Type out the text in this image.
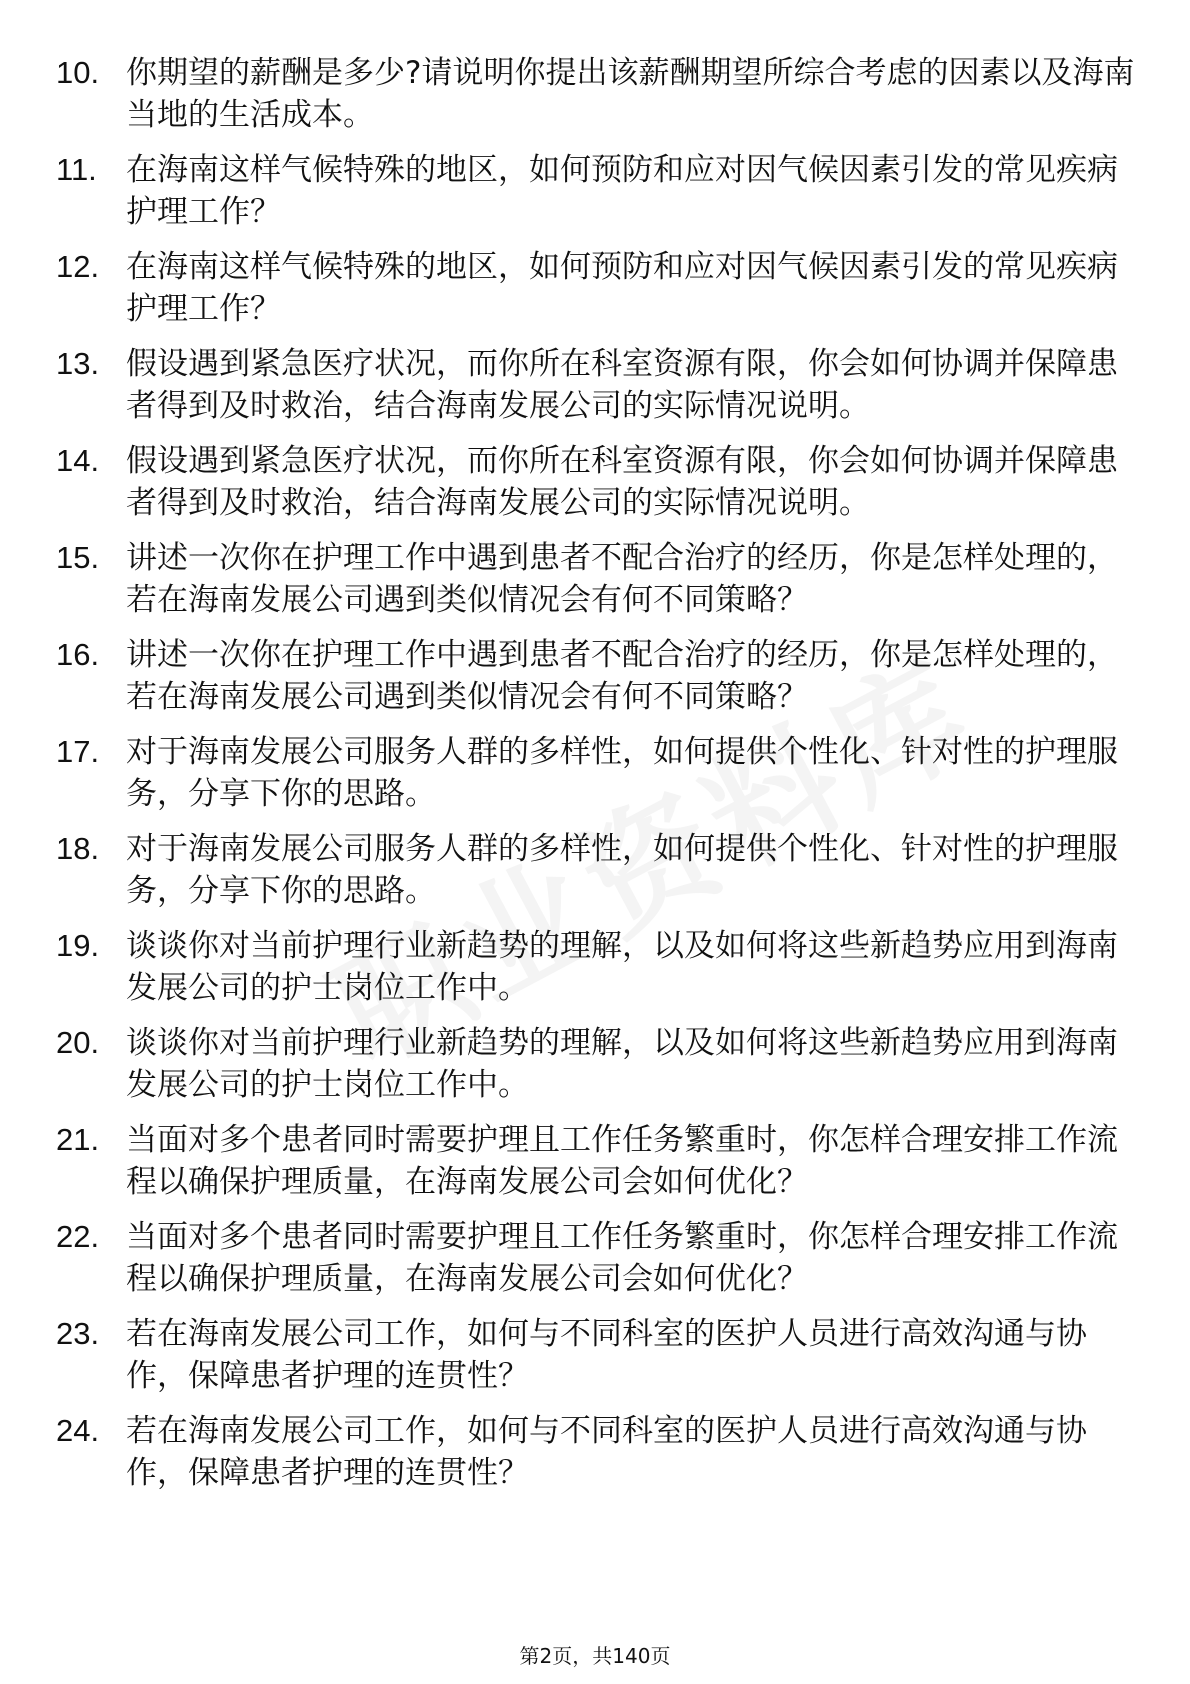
10. 你期望的薪酬是多少?请说明你提出该薪酬期望所综合考虑的因素以及海南当地的生活成本。
11. 在海南这样气候特殊的地区，如何预防和应对因气候因素引发的常见疾病护理工作？
12. 在海南这样气候特殊的地区，如何预防和应对因气候因素引发的常见疾病护理工作？
13. 假设遇到紧急医疗状况，而你所在科室资源有限，你会如何协调并保障患者得到及时救治，结合海南发展公司的实际情况说明。
14. 假设遇到紧急医疗状况，而你所在科室资源有限，你会如何协调并保障患者得到及时救治，结合海南发展公司的实际情况说明。
15. 讲述一次你在护理工作中遇到患者不配合治疗的经历，你是怎样处理的，若在海南发展公司遇到类似情况会有何不同策略？
16. 讲述一次你在护理工作中遇到患者不配合治疗的经历，你是怎样处理的，若在海南发展公司遇到类似情况会有何不同策略？
17. 对于海南发展公司服务人群的多样性，如何提供个性化、针对性的护理服务，分享下你的思路。
18. 对于海南发展公司服务人群的多样性，如何提供个性化、针对性的护理服务，分享下你的思路。
19. 谈谈你对当前护理行业新趋势的理解，以及如何将这些新趋势应用到海南发展公司的护士岗位工作中。
20. 谈谈你对当前护理行业新趋势的理解，以及如何将这些新趋势应用到海南发展公司的护士岗位工作中。
21. 当面对多个患者同时需要护理且工作任务繁重时，你怎样合理安排工作流程以确保护理质量，在海南发展公司会如何优化？
22. 当面对多个患者同时需要护理且工作任务繁重时，你怎样合理安排工作流程以确保护理质量，在海南发展公司会如何优化？
23. 若在海南发展公司工作，如何与不同科室的医护人员进行高效沟通与协作，保障患者护理的连贯性？
24. 若在海南发展公司工作，如何与不同科室的医护人员进行高效沟通与协作，保障患者护理的连贯性？
第2页，共140页
